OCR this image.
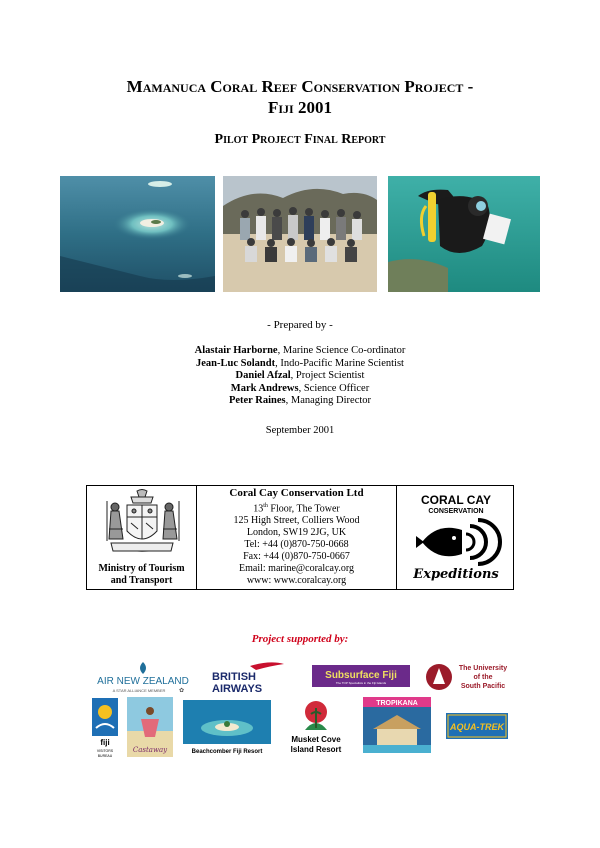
Mamanuca Coral Reef Conservation Project -
Fiji 2001
Pilot Project Final Report
- Prepared by -
Alastair Harborne, Marine Science Co-ordinator
Jean-Luc Solandt, Indo-Pacific Marine Scientist
Daniel Afzal, Project Scientist
Mark Andrews, Science Officer
Peter Raines, Managing Director
September 2001
Ministry of Tourism
and Transport
Coral Cay Conservation Ltd
13th Floor, The Tower
125 High Street, Colliers Wood
London, SW19 2JG, UK
Tel: +44 (0)870-750-0668
Fax: +44 (0)870-750-0667
Email: marine@coralcay.org
www: www.coralcay.org
CORAL CAY
CONSERVATION
Expeditions
Project supported by:
AIR NEW ZEALAND
A STAR ALLIANCE MEMBER ✿
BRITISH
AIRWAYS
Subsurface Fiji
The TOP Specialists in the Fiji Islands
The University
of the
South Pacific
fiji
VISITORS
BUREAU
Castaway	Beachcomber Fiji Resort
Musket Cove
Island Resort
TROPIKANA
AQUA-TREK
